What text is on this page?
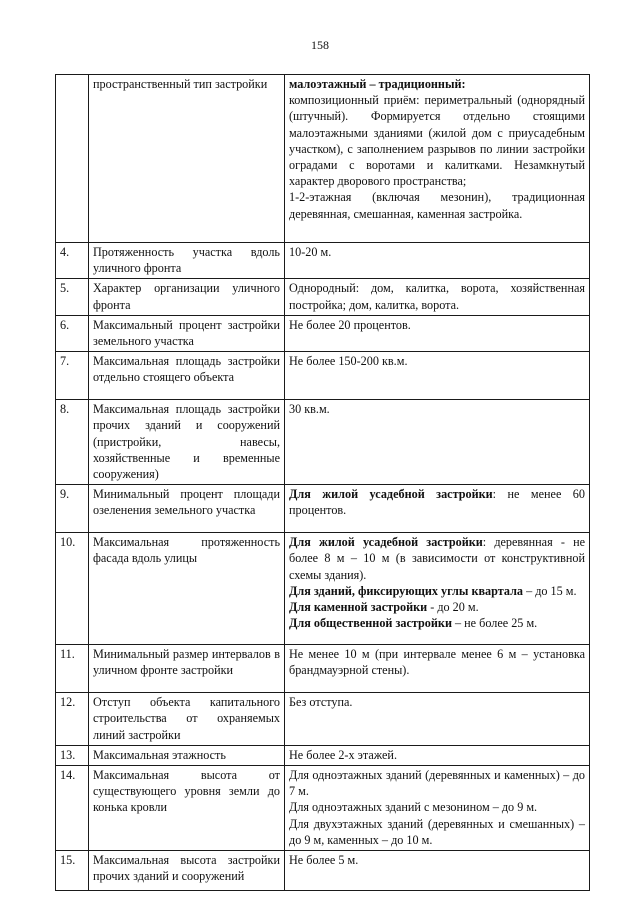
158
	пространственный тип застройки	малоэтажный – традиционный:
композиционный приём: периметральный (однорядный (штучный). Формируется отдельно стоящими малоэтажными зданиями (жилой дом с приусадебным участком), с заполнением разрывов по линии застройки оградами с воротами и калитками. Незамкнутый характер дворового пространства;
1-2-этажная (включая мезонин), традиционная деревянная, смешанная, каменная застройка.

4.	Протяженность участка вдоль уличного фронта	10-20 м.

5.	Характер организации уличного фронта	Однородный: дом, калитка, ворота, хозяйственная постройка; дом, калитка, ворота.

6.	Максимальный процент застройки земельного участка	Не более 20 процентов.

7.	Максимальная площадь застройки отдельно стоящего объекта	Не более 150-200 кв.м.

8.	Максимальная площадь застройки прочих зданий и сооружений (пристройки, навесы, хозяйственные и временные сооружения)	30 кв.м.

9.	Минимальный процент площади озеленения земельного участка	Для жилой усадебной застройки: не менее 60 процентов.

10.	Максимальная протяженность фасада вдоль улицы	Для жилой усадебной застройки: деревянная - не более 8 м – 10 м (в зависимости от конструктивной схемы здания).
Для зданий, фиксирующих углы квартала – до 15 м.
Для каменной застройки - до 20 м.
Для общественной застройки – не более 25 м.

11.	Минимальный размер интервалов в уличном фронте застройки	Не менее 10 м (при интервале менее 6 м – установка брандмауэрной стены).

12.	Отступ объекта капитального строительства от охраняемых линий застройки	Без отступа.

13.	Максимальная этажность	Не более 2-х этажей.

14.	Максимальная высота от существующего уровня земли до конька кровли	Для одноэтажных зданий (деревянных и каменных) – до 7 м.
Для одноэтажных зданий с мезонином – до 9 м.
Для двухэтажных зданий (деревянных и смешанных) – до 9 м, каменных – до 10 м.

15.	Максимальная высота застройки прочих зданий и сооружений	Не более 5 м.
